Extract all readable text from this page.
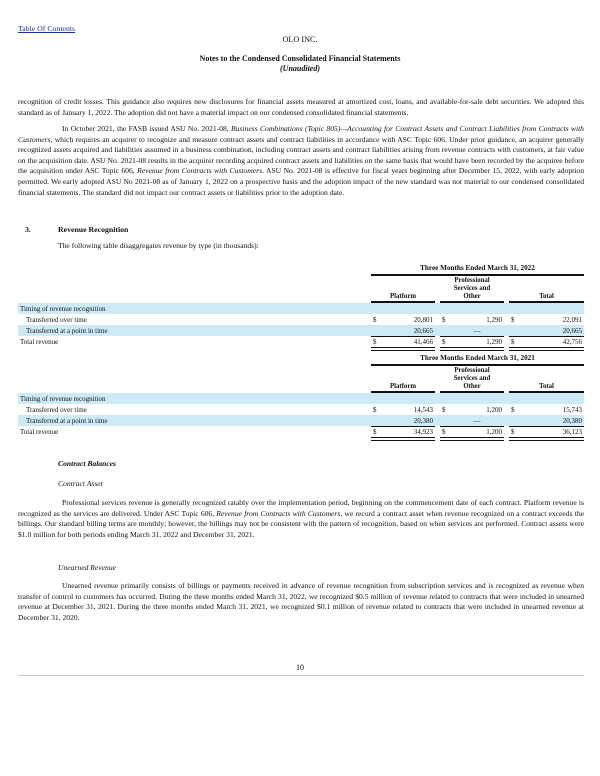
Table Of Contents
OLO INC.
Notes to the Condensed Consolidated Financial Statements
(Unaudited)
recognition of credit losses. This guidance also requires new disclosures for financial assets measured at amortized cost, loans, and available-for-sale debt securities. We adopted this standard as of January 1, 2022. The adoption did not have a material impact on our condensed consolidated financial statements.
In October 2021, the FASB issued ASU No. 2021-08, Business Combinations (Topic 805)—Accounting for Contract Assets and Contract Liabilities from Contracts with Customers, which requires an acquirer to recognize and measure contract assets and contract liabilities in accordance with ASC Topic 606. Under prior guidance, an acquirer generally recognized assets acquired and liabilities assumed in a business combination, including contract assets and contract liabilities arising from revenue contracts with customers, at fair value on the acquisition date. ASU No. 2021-08 results in the acquirer recording acquired contract assets and liabilities on the same basis that would have been recorded by the acquiree before the acquisition under ASC Topic 606, Revenue from Contracts with Customers. ASU No. 2021-08 is effective for fiscal years beginning after December 15, 2022, with early adoption permitted. We early adopted ASU No 2021-08 as of January 1, 2022 on a prospective basis and the adoption impact of the new standard was not material to our condensed consolidated financial statements. The standard did not impact our contract assets or liabilities prior to the adoption date.
3.	Revenue Recognition
The following table disaggregates revenue by type (in thousands):
Three Months Ended March 31, 2022
Platform
Professional
Services and
Other	Total
Timing of revenue recognition
Transferred over time	$	20,801 $	1,290 $	22,091
Transferred at a point in time	20,665	—	20,665
Total revenue	$	41,466 $	1,290 $	42,756
Three Months Ended March 31, 2021
Platform
Professional
Services and
Other	Total
Timing of revenue recognition
Transferred over time	$	14,543 $	1,200 $	15,743
Transferred at a point in time	20,380	—	20,380
Total revenue	$	34,923 $	1,200 $	36,123
Contract Balances
Contract Asset
Professional services revenue is generally recognized ratably over the implementation period, beginning on the commencement date of each contract. Platform revenue is recognized as the services are delivered. Under ASC Topic 606, Revenue from Contracts with Customers, we record a contract asset when revenue recognized on a contract exceeds the billings. Our standard billing terms are monthly; however, the billings may not be consistent with the pattern of recognition, based on when services are performed. Contract assets were $1.0 million for both periods ending March 31, 2022 and December 31, 2021.
Unearned Revenue
Unearned revenue primarily consists of billings or payments received in advance of revenue recognition from subscription services and is recognized as revenue when transfer of control to customers has occurred. During the three months ended March 31, 2022, we recognized $0.5 million of revenue related to contracts that were included in unearned revenue at December 31, 2021. During the three months ended March 31, 2021, we recognized $0.1 million of revenue related to contracts that were included in unearned revenue at December 31, 2020.
10
